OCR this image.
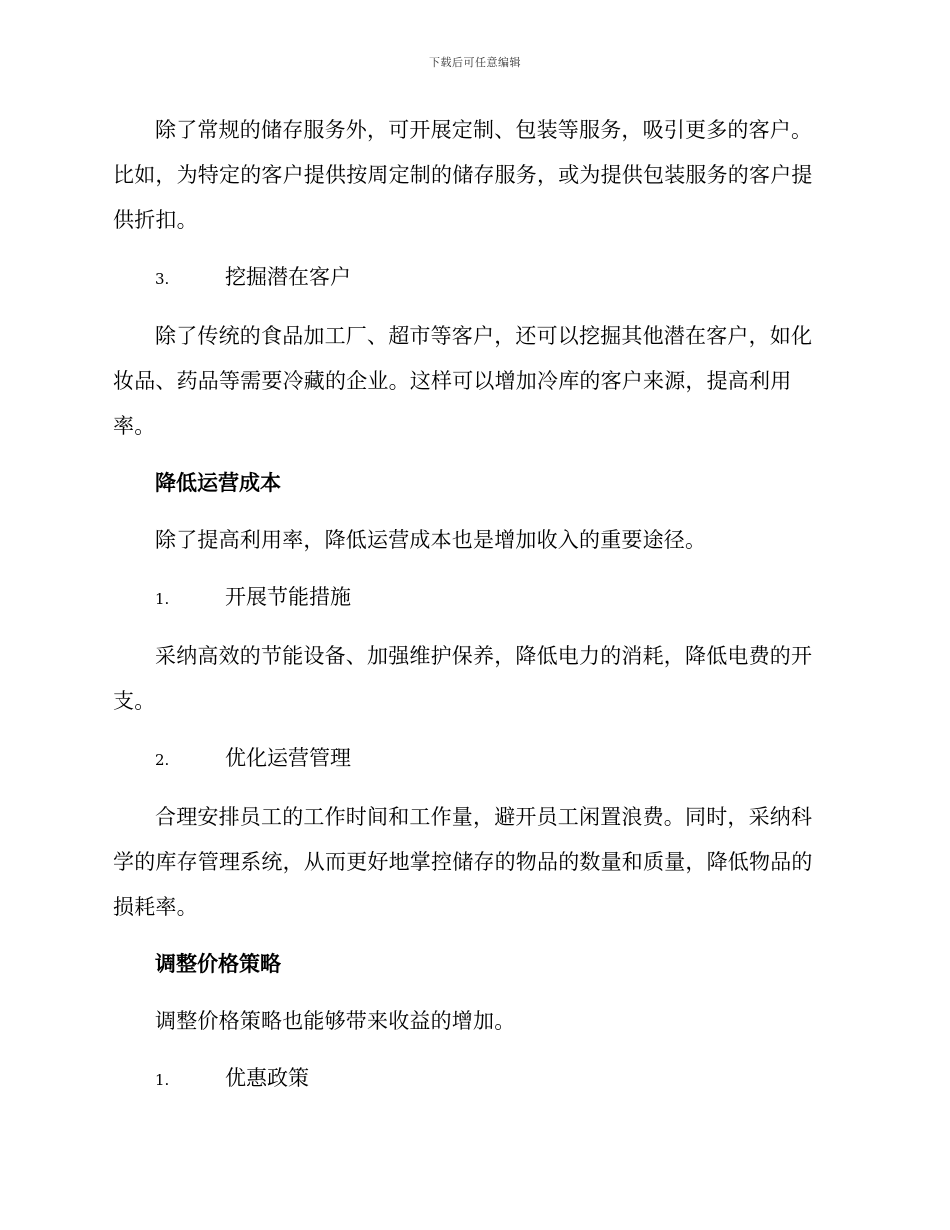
下载后可任意编辑

除了常规的储存服务外，可开展定制、包装等服务，吸引更多的客户。比如，为特定的客户提供按周定制的储存服务，或为提供包装服务的客户提供折扣。

3.	挖掘潜在客户

除了传统的食品加工厂、超市等客户，还可以挖掘其他潜在客户，如化妆品、药品等需要冷藏的企业。这样可以增加冷库的客户来源，提高利用率。

降低运营成本

除了提高利用率，降低运营成本也是增加收入的重要途径。

1.	开展节能措施

采纳高效的节能设备、加强维护保养，降低电力的消耗，降低电费的开支。

2.	优化运营管理

合理安排员工的工作时间和工作量，避开员工闲置浪费。同时，采纳科学的库存管理系统，从而更好地掌控储存的物品的数量和质量，降低物品的损耗率。

调整价格策略

调整价格策略也能够带来收益的增加。

1.	优惠政策
